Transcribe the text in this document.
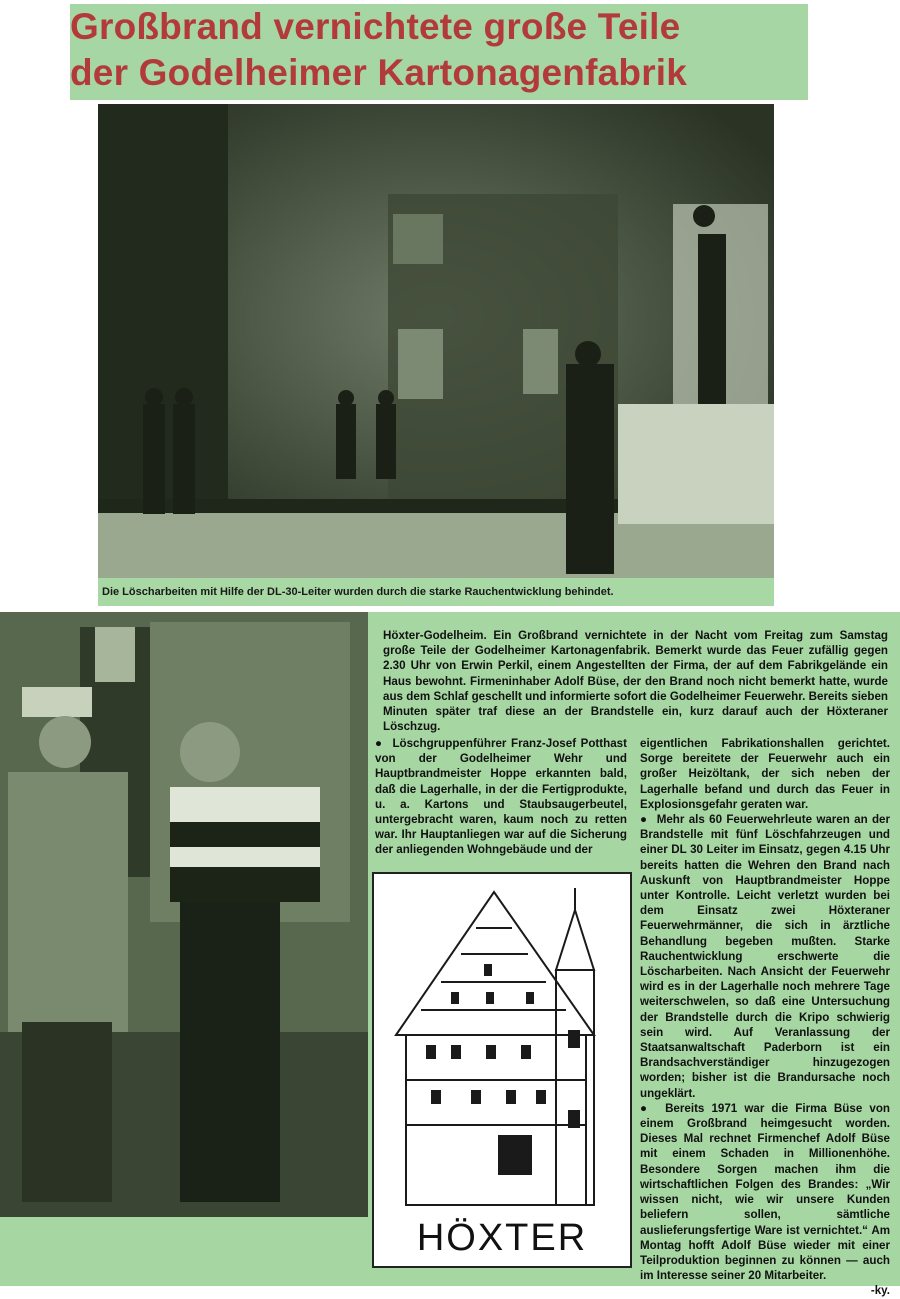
Großbrand vernichtete große Teile
der Godelheimer Kartonagenfabrik
Die Löscharbeiten mit Hilfe der DL-30-Leiter wurden durch die starke Rauchentwicklung behindet.
Höxter-Godelheim. Ein Großbrand vernichtete in der Nacht vom Freitag zum Samstag große Teile der Godelheimer Kartonagenfabrik. Bemerkt wurde das Feuer zufällig gegen 2.30 Uhr von Erwin Perkil, einem Angestellten der Firma, der auf dem Fabrikgelände ein Haus bewohnt. Firmeninhaber Adolf Büse, der den Brand noch nicht bemerkt hatte, wurde aus dem Schlaf geschellt und informierte sofort die Godelheimer Feuerwehr. Bereits sieben Minuten später traf diese an der Brandstelle ein, kurz darauf auch der Höxteraner Löschzug.
●  Löschgruppenführer Franz-Josef Potthast von der Godelheimer Wehr und Hauptbrandmeister Hoppe erkannten bald, daß die Lagerhalle, in der die Fertigprodukte, u. a. Kartons und Staubsaugerbeutel, untergebracht waren, kaum noch zu retten war. Ihr Hauptanliegen war auf die Sicherung der anliegenden Wohngebäude und der
eigentlichen Fabrikationshallen gerichtet. Sorge bereitete der Feuerwehr auch ein großer Heizöltank, der sich neben der Lagerhalle befand und durch das Feuer in Explosionsgefahr geraten war.
●  Mehr als 60 Feuerwehrleute waren an der Brandstelle mit fünf Löschfahrzeugen und einer DL 30 Leiter im Einsatz, gegen 4.15 Uhr bereits hatten die Wehren den Brand nach Auskunft von Hauptbrandmeister Hoppe unter Kontrolle. Leicht verletzt wurden bei dem Einsatz zwei Höxteraner Feuerwehrmänner, die sich in ärztliche Behandlung begeben mußten. Starke Rauchentwicklung erschwerte die Löscharbeiten. Nach Ansicht der Feuerwehr wird es in der Lagerhalle noch mehrere Tage weiterschwelen, so daß eine Untersuchung der Brandstelle durch die Kripo schwierig sein wird. Auf Veranlassung der Staatsanwaltschaft Paderborn ist ein Brandsachverständiger hinzugezogen worden; bisher ist die Brandursache noch ungeklärt.
●  Bereits 1971 war die Firma Büse von einem Großbrand heimgesucht worden. Dieses Mal rechnet Firmenchef Adolf Büse mit einem Schaden in Millionenhöhe. Besondere Sorgen machen ihm die wirtschaftlichen Folgen des Brandes: „Wir wissen nicht, wie wir unsere Kunden beliefern sollen, sämtliche auslieferungsfertige Ware ist vernichtet.“ Am Montag hofft Adolf Büse wieder mit einer Teilproduktion beginnen zu können — auch im Interesse seiner 20 Mitarbeiter.
-ky.
HÖXTER
